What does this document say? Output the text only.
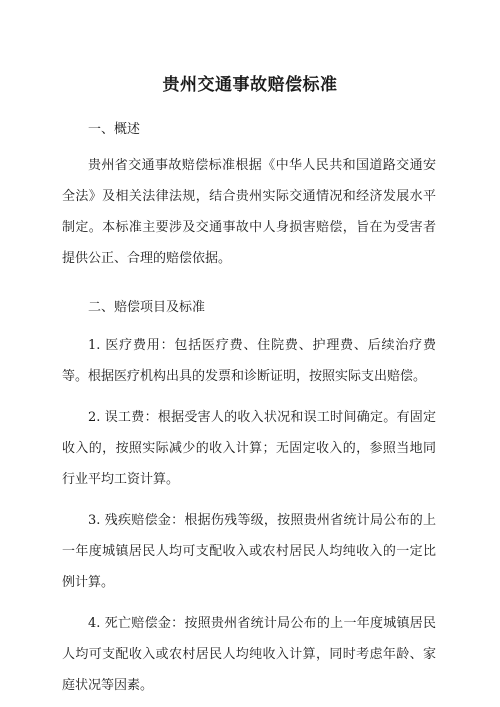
贵州交通事故赔偿标准

一、概述

贵州省交通事故赔偿标准根据《中华人民共和国道路交通安全法》及相关法律法规，结合贵州实际交通情况和经济发展水平制定。本标准主要涉及交通事故中人身损害赔偿，旨在为受害者提供公正、合理的赔偿依据。

二、赔偿项目及标准

1. 医疗费用：包括医疗费、住院费、护理费、后续治疗费等。根据医疗机构出具的发票和诊断证明，按照实际支出赔偿。

2. 误工费：根据受害人的收入状况和误工时间确定。有固定收入的，按照实际减少的收入计算；无固定收入的，参照当地同行业平均工资计算。

3. 残疾赔偿金：根据伤残等级，按照贵州省统计局公布的上一年度城镇居民人均可支配收入或农村居民人均纯收入的一定比例计算。

4. 死亡赔偿金：按照贵州省统计局公布的上一年度城镇居民人均可支配收入或农村居民人均纯收入计算，同时考虑年龄、家庭状况等因素。
